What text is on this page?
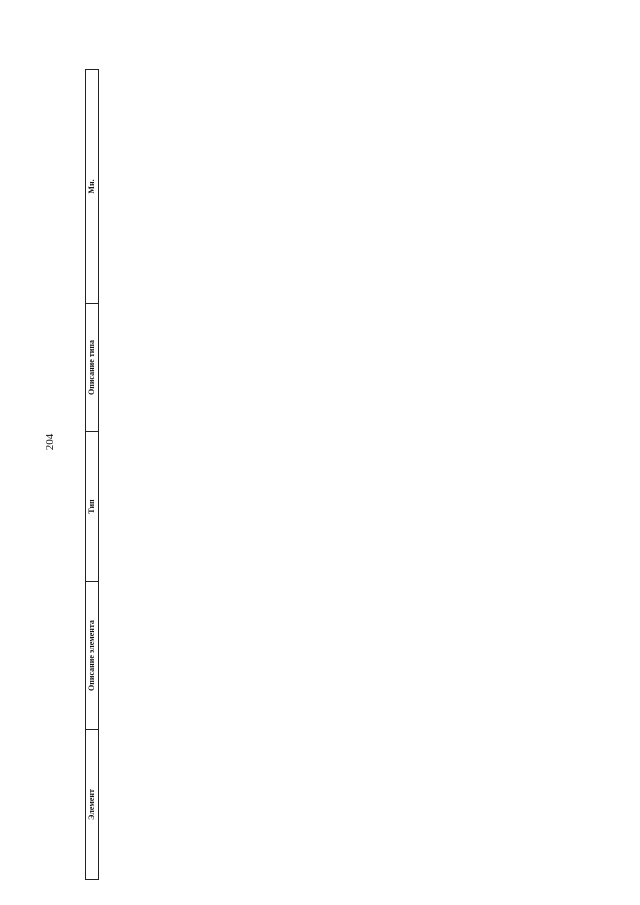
204
Элемент	Описание элемента	Тип	Описание типа	Мн.
